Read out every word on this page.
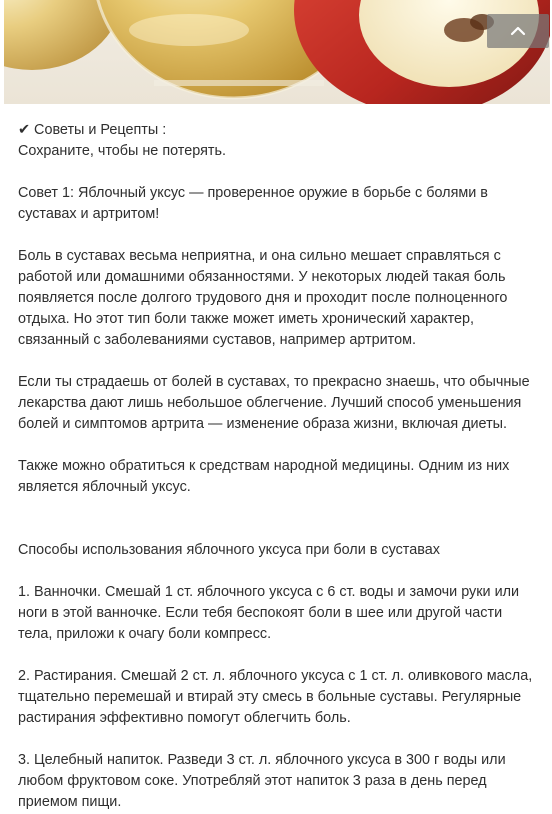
✔ Советы и Рецепты :

Сохраните, чтобы не потерять.

Совет 1: Яблочный уксус — проверенное оружие в борьбе с болями в суставах и артритом!

Боль в суставах весьма неприятна, и она сильно мешает справляться с работой или домашними обязанностями. У некоторых людей такая боль появляется после долгого трудового дня и проходит после полноценного отдыха. Но этот тип боли также может иметь хронический характер, связанный с заболеваниями суставов, например артритом.

Если ты страдаешь от болей в суставах, то прекрасно знаешь, что обычные лекарства дают лишь небольшое облегчение. Лучший способ уменьшения болей и симптомов артрита — изменение образа жизни, включая диеты.

Также можно обратиться к средствам народной медицины. Одним из них является яблочный уксус.

Способы использования яблочного уксуса при боли в суставах

1. Ванночки. Смешай 1 ст. яблочного уксуса с 6 ст. воды и замочи руки или ноги в этой ванночке. Если тебя беспокоят боли в шее или другой части тела, приложи к очагу боли компресс.

2. Растирания. Смешай 2 ст. л. яблочного уксуса с 1 ст. л. оливкового масла, тщательно перемешай и втирай эту смесь в больные суставы. Регулярные растирания эффективно помогут облегчить боль.

3. Целебный напиток. Разведи 3 ст. л. яблочного уксуса в 300 г воды или любом фруктовом соке. Употребляй этот напиток 3 раза в день перед приемом пищи.
